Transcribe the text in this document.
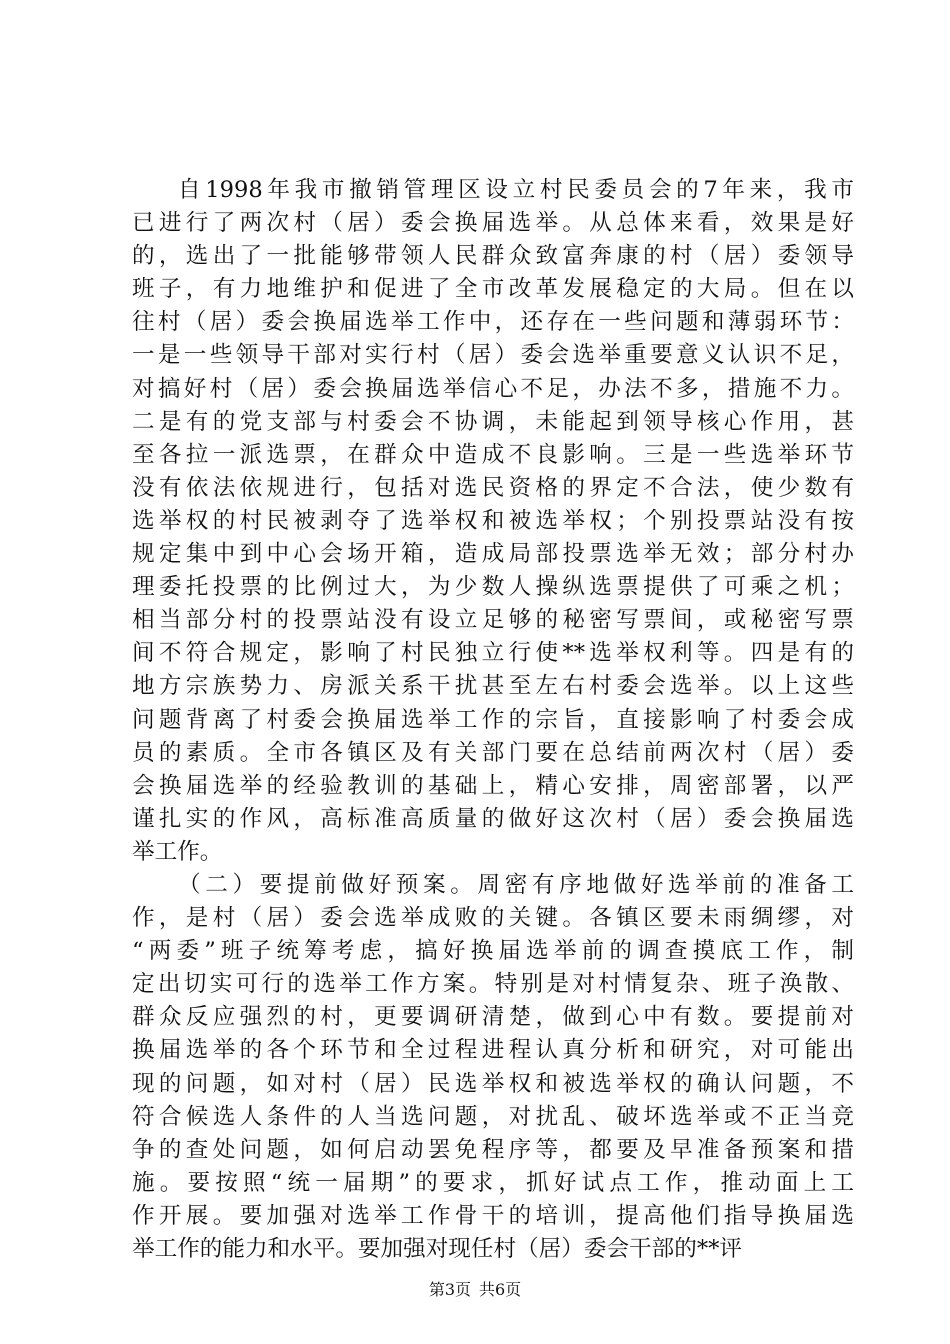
自1998年我市撤销管理区设立村民委员会的7年来，我市
已进行了两次村（居）委会换届选举。从总体来看，效果是好
的，选出了一批能够带领人民群众致富奔康的村（居）委领导
班子，有力地维护和促进了全市改革发展稳定的大局。但在以
往村（居）委会换届选举工作中，还存在一些问题和薄弱环节：
一是一些领导干部对实行村（居）委会选举重要意义认识不足，
对搞好村（居）委会换届选举信心不足，办法不多，措施不力。
二是有的党支部与村委会不协调，未能起到领导核心作用，甚
至各拉一派选票，在群众中造成不良影响。三是一些选举环节
没有依法依规进行，包括对选民资格的界定不合法，使少数有
选举权的村民被剥夺了选举权和被选举权；个别投票站没有按
规定集中到中心会场开箱，造成局部投票选举无效；部分村办
理委托投票的比例过大，为少数人操纵选票提供了可乘之机；
相当部分村的投票站没有设立足够的秘密写票间，或秘密写票
间不符合规定，影响了村民独立行使**选举权利等。四是有的
地方宗族势力、房派关系干扰甚至左右村委会选举。以上这些
问题背离了村委会换届选举工作的宗旨，直接影响了村委会成
员的素质。全市各镇区及有关部门要在总结前两次村（居）委
会换届选举的经验教训的基础上，精心安排，周密部署，以严
谨扎实的作风，高标准高质量的做好这次村（居）委会换届选
举工作。
（二）要提前做好预案。周密有序地做好选举前的准备工
作，是村（居）委会选举成败的关键。各镇区要未雨绸缪，对
“两委”班子统筹考虑，搞好换届选举前的调查摸底工作，制
定出切实可行的选举工作方案。特别是对村情复杂、班子涣散、
群众反应强烈的村，更要调研清楚，做到心中有数。要提前对
换届选举的各个环节和全过程进程认真分析和研究，对可能出
现的问题，如对村（居）民选举权和被选举权的确认问题，不
符合候选人条件的人当选问题，对扰乱、破坏选举或不正当竞
争的查处问题，如何启动罢免程序等，都要及早准备预案和措
施。要按照“统一届期”的要求，抓好试点工作，推动面上工
作开展。要加强对选举工作骨干的培训，提高他们指导换届选
举工作的能力和水平。要加强对现任村（居）委会干部的**评
第3页 共6页
